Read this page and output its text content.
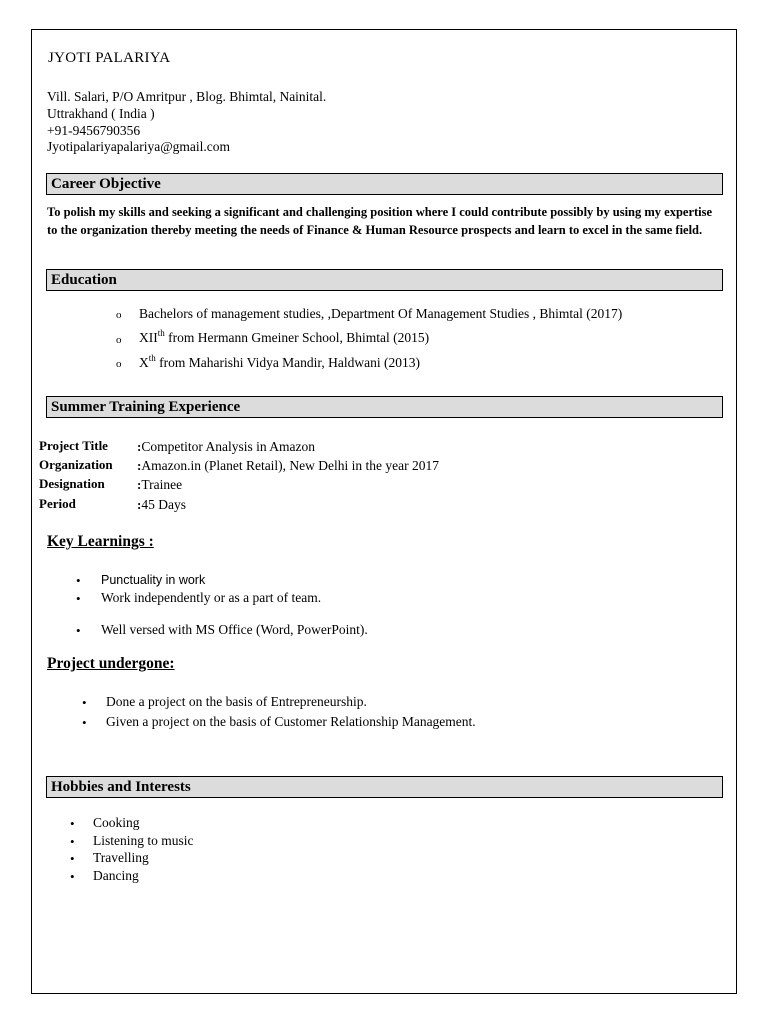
JYOTI PALARIYA
Vill. Salari, P/O Amritpur , Blog. Bhimtal, Nainital.
Uttrakhand ( India )
+91-9456790356
Jyotipalariyapalariya@gmail.com
Career Objective
To polish my skills and seeking a significant and challenging position where I could contribute possibly by using my expertise to the organization thereby meeting the needs of Finance & Human Resource prospects and learn to excel in the same field.
Education
o Bachelors of management studies, ,Department Of Management Studies , Bhimtal (2017)
o XIIth from Hermann Gmeiner School, Bhimtal (2015)
o Xth from Maharishi Vidya Mandir, Haldwani (2013)
Summer Training Experience
Project Title :Competitor Analysis in Amazon
Organization :Amazon.in (Planet Retail), New Delhi in the year 2017
Designation :Trainee
Period	:45 Days
Key Learnings :
• Punctuality in work
• Work independently or as a part of team.
• Well versed with MS Office (Word, PowerPoint).
Project undergone:
• Done a project on the basis of Entrepreneurship.
• Given a project on the basis of Customer Relationship Management.
Hobbies and Interests
• Cooking
• Listening to music
• Travelling
• Dancing
